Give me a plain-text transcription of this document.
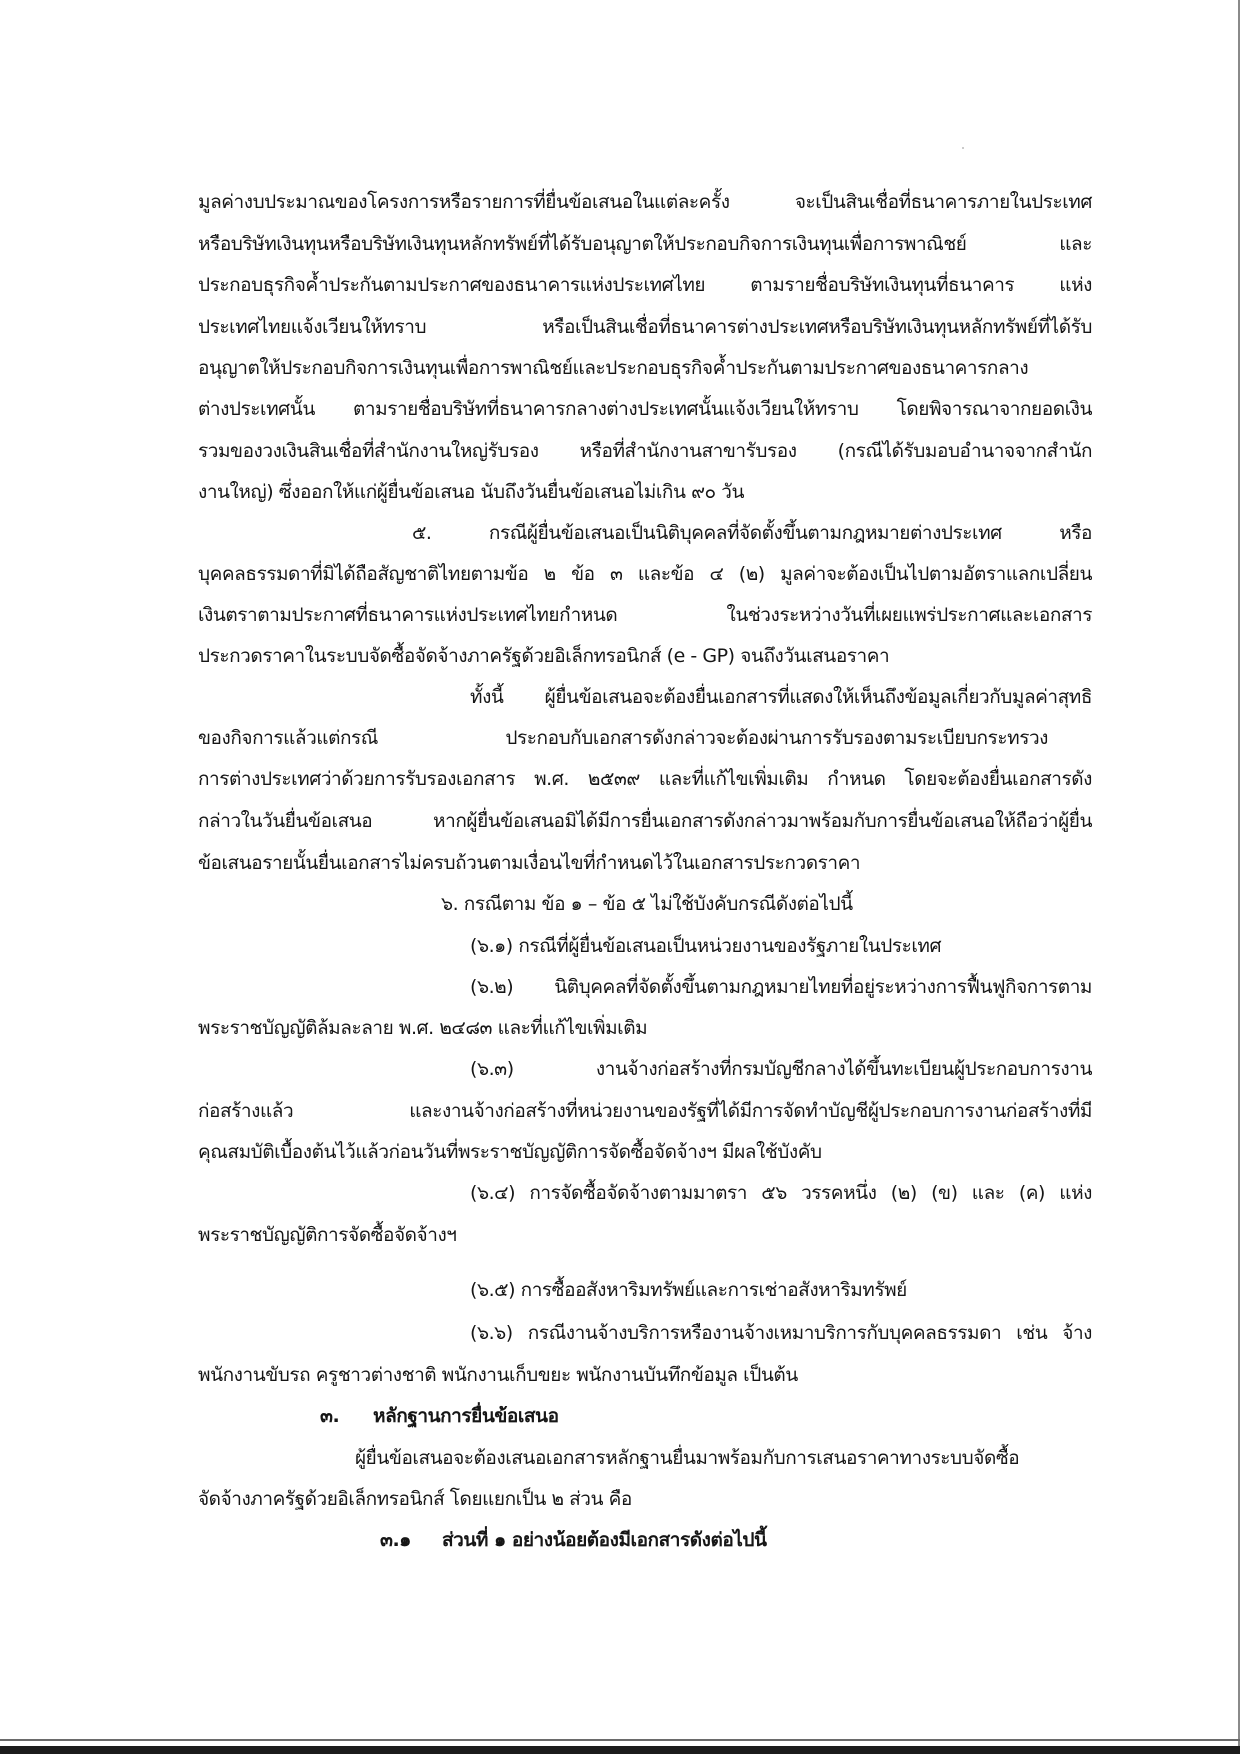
มูลค่างบประมาณของโครงการหรือรายการที่ยื่นข้อเสนอในแต่ละครั้ง จะเป็นสินเชื่อที่ธนาคารภายในประเทศ
หรือบริษัทเงินทุนหรือบริษัทเงินทุนหลักทรัพย์ที่ได้รับอนุญาตให้ประกอบกิจการเงินทุนเพื่อการพาณิชย์ และ
ประกอบธุรกิจค้ำประกันตามประกาศของธนาคารแห่งประเทศไทย ตามรายชื่อบริษัทเงินทุนที่ธนาคาร แห่ง
ประเทศไทยแจ้งเวียนให้ทราบ หรือเป็นสินเชื่อที่ธนาคารต่างประเทศหรือบริษัทเงินทุนหลักทรัพย์ที่ได้รับ
อนุญาตให้ประกอบกิจการเงินทุนเพื่อการพาณิชย์และประกอบธุรกิจค้ำประกันตามประกาศของธนาคารกลาง
ต่างประเทศนั้น ตามรายชื่อบริษัทที่ธนาคารกลางต่างประเทศนั้นแจ้งเวียนให้ทราบ โดยพิจารณาจากยอดเงิน
รวมของวงเงินสินเชื่อที่สำนักงานใหญ่รับรอง หรือที่สำนักงานสาขารับรอง (กรณีได้รับมอบอำนาจจากสำนัก
งานใหญ่) ซึ่งออกให้แก่ผู้ยื่นข้อเสนอ นับถึงวันยื่นข้อเสนอไม่เกิน ๙๐ วัน
๕. กรณีผู้ยื่นข้อเสนอเป็นนิติบุคคลที่จัดตั้งขึ้นตามกฎหมายต่างประเทศ หรือ
บุคคลธรรมดาที่มิได้ถือสัญชาติไทยตามข้อ ๒ ข้อ ๓ และข้อ ๔ (๒) มูลค่าจะต้องเป็นไปตามอัตราแลกเปลี่ยน
เงินตราตามประกาศที่ธนาคารแห่งประเทศไทยกำหนด ในช่วงระหว่างวันที่เผยแพร่ประกาศและเอกสาร
ประกวดราคาในระบบจัดซื้อจัดจ้างภาครัฐด้วยอิเล็กทรอนิกส์ (e - GP) จนถึงวันเสนอราคา
ทั้งนี้ ผู้ยื่นข้อเสนอจะต้องยื่นเอกสารที่แสดงให้เห็นถึงข้อมูลเกี่ยวกับมูลค่าสุทธิ
ของกิจการแล้วแต่กรณี ประกอบกับเอกสารดังกล่าวจะต้องผ่านการรับรองตามระเบียบกระทรวง
การต่างประเทศว่าด้วยการรับรองเอกสาร พ.ศ. ๒๕๓๙ และที่แก้ไขเพิ่มเติม กำหนด โดยจะต้องยื่นเอกสารดัง
กล่าวในวันยื่นข้อเสนอ หากผู้ยื่นข้อเสนอมิได้มีการยื่นเอกสารดังกล่าวมาพร้อมกับการยื่นข้อเสนอให้ถือว่าผู้ยื่น
ข้อเสนอรายนั้นยื่นเอกสารไม่ครบถ้วนตามเงื่อนไขที่กำหนดไว้ในเอกสารประกวดราคา
๖. กรณีตาม ข้อ ๑ – ข้อ ๕ ไม่ใช้บังคับกรณีดังต่อไปนี้
(๖.๑) กรณีที่ผู้ยื่นข้อเสนอเป็นหน่วยงานของรัฐภายในประเทศ
(๖.๒) นิติบุคคลที่จัดตั้งขึ้นตามกฎหมายไทยที่อยู่ระหว่างการฟื้นฟูกิจการตาม
พระราชบัญญัติล้มละลาย พ.ศ. ๒๔๘๓ และที่แก้ไขเพิ่มเติม
(๖.๓) งานจ้างก่อสร้างที่กรมบัญชีกลางได้ขึ้นทะเบียนผู้ประกอบการงาน
ก่อสร้างแล้ว และงานจ้างก่อสร้างที่หน่วยงานของรัฐที่ได้มีการจัดทำบัญชีผู้ประกอบการงานก่อสร้างที่มี
คุณสมบัติเบื้องต้นไว้แล้วก่อนวันที่พระราชบัญญัติการจัดซื้อจัดจ้างฯ มีผลใช้บังคับ
(๖.๔) การจัดซื้อจัดจ้างตามมาตรา ๕๖ วรรคหนึ่ง (๒) (ข) และ (ค) แห่ง
พระราชบัญญัติการจัดซื้อจัดจ้างฯ
(๖.๕) การซื้ออสังหาริมทรัพย์และการเช่าอสังหาริมทรัพย์
(๖.๖) กรณีงานจ้างบริการหรืองานจ้างเหมาบริการกับบุคคลธรรมดา เช่น จ้าง
พนักงานขับรถ ครูชาวต่างชาติ พนักงานเก็บขยะ พนักงานบันทึกข้อมูล เป็นต้น
๓. หลักฐานการยื่นข้อเสนอ
ผู้ยื่นข้อเสนอจะต้องเสนอเอกสารหลักฐานยื่นมาพร้อมกับการเสนอราคาทางระบบจัดซื้อ
จัดจ้างภาครัฐด้วยอิเล็กทรอนิกส์ โดยแยกเป็น ๒ ส่วน คือ
๓.๑ ส่วนที่ ๑ อย่างน้อยต้องมีเอกสารดังต่อไปนี้
